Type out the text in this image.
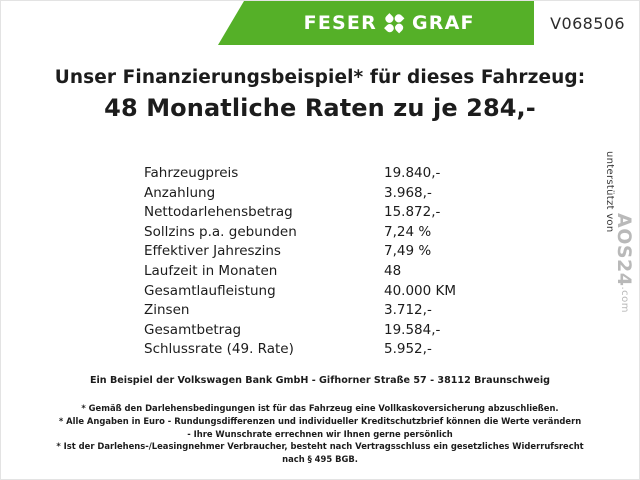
FESER GRAF	V068506
Unser Finanzierungsbeispiel* für dieses Fahrzeug:
48 Monatliche Raten zu je 284,-
Fahrzeugpreis	19.840,-
Anzahlung	3.968,-
Nettodarlehensbetrag	15.872,-
Sollzins p.a. gebunden	7,24 %
Effektiver Jahreszins	7,49 %
Laufzeit in Monaten	48
Gesamtlaufleistung	40.000 KM
Zinsen	3.712,-
Gesamtbetrag	19.584,-
Schlussrate (49. Rate)	5.952,-
unterstützt von
AOS24.com
Ein Beispiel der Volkswagen Bank GmbH - Gifhorner Straße 57 - 38112 Braunschweig
* Gemäß den Darlehensbedingungen ist für das Fahrzeug eine Vollkaskoversicherung abzuschließen.
* Alle Angaben in Euro - Rundungsdifferenzen und individueller Kreditschutzbrief können die Werte verändern
- Ihre Wunschrate errechnen wir Ihnen gerne persönlich
* Ist der Darlehens-/Leasingnehmer Verbraucher, besteht nach Vertragsschluss ein gesetzliches Widerrufsrecht
nach § 495 BGB.
